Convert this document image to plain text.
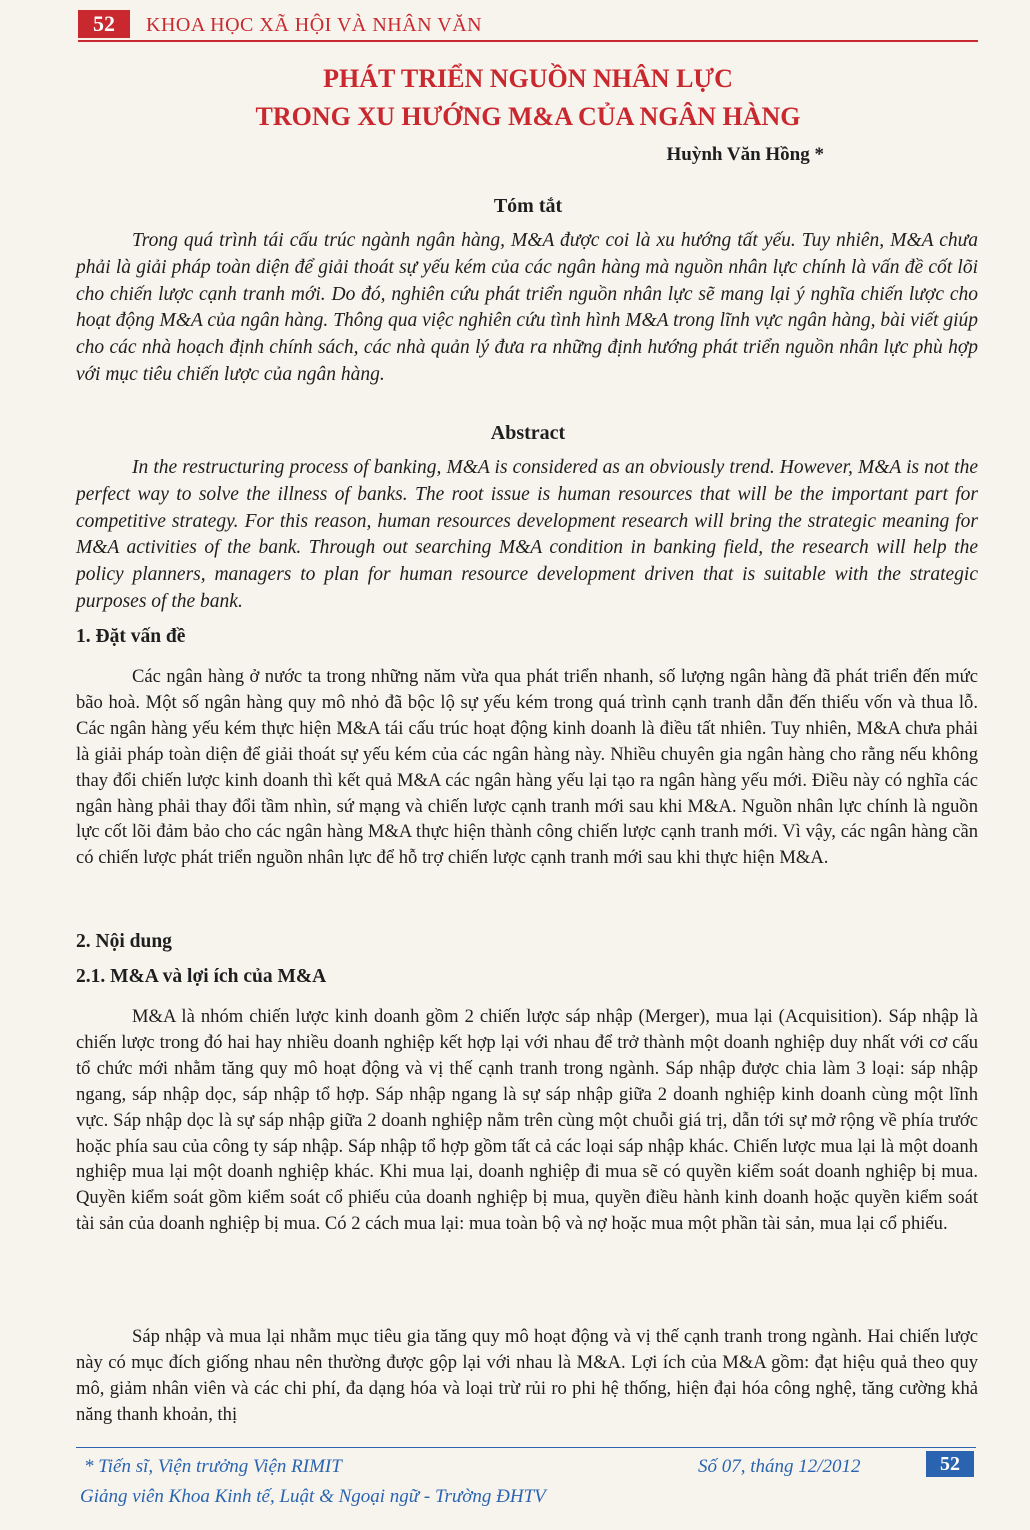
52	KHOA HỌC XÃ HỘI VÀ NHÂN VĂN
PHÁT TRIỂN NGUỒN NHÂN LỰC
TRONG XU HƯỚNG M&A CỦA NGÂN HÀNG
Huỳnh Văn Hồng *
Tóm tắt

Trong quá trình tái cấu trúc ngành ngân hàng, M&A được coi là xu hướng tất yếu. Tuy nhiên, M&A chưa phải là giải pháp toàn diện để giải thoát sự yếu kém của các ngân hàng mà nguồn nhân lực chính là vấn đề cốt lõi cho chiến lược cạnh tranh mới. Do đó, nghiên cứu phát triển nguồn nhân lực sẽ mang lại ý nghĩa chiến lược cho hoạt động M&A của ngân hàng. Thông qua việc nghiên cứu tình hình M&A trong lĩnh vực ngân hàng, bài viết giúp cho các nhà hoạch định chính sách, các nhà quản lý đưa ra những định hướng phát triển nguồn nhân lực phù hợp với mục tiêu chiến lược của ngân hàng.

Abstract

In the restructuring process of banking, M&A is considered as an obviously trend. However, M&A is not the perfect way to solve the illness of banks. The root issue is human resources that will be the important part for competitive strategy. For this reason, human resources development research will bring the strategic meaning for M&A activities of the bank. Through out searching M&A condition in banking field, the research will help the policy planners, managers to plan for human resource development driven that is suitable with the strategic purposes of the bank.

1. Đặt vấn đề

Các ngân hàng ở nước ta trong những năm vừa qua phát triển nhanh, số lượng ngân hàng đã phát triển đến mức bão hoà. Một số ngân hàng quy mô nhỏ đã bộc lộ sự yếu kém trong quá trình cạnh tranh dẫn đến thiếu vốn và thua lỗ. Các ngân hàng yếu kém thực hiện M&A tái cấu trúc hoạt động kinh doanh là điều tất nhiên. Tuy nhiên, M&A chưa phải là giải pháp toàn diện để giải thoát sự yếu kém của các ngân hàng này. Nhiều chuyên gia ngân hàng cho rằng nếu không thay đổi chiến lược kinh doanh thì kết quả M&A các ngân hàng yếu lại tạo ra ngân hàng yếu mới. Điều này có nghĩa các ngân hàng phải thay đổi tầm nhìn, sứ mạng và chiến lược cạnh tranh mới sau khi M&A. Nguồn nhân lực chính là nguồn lực cốt lõi đảm bảo cho các ngân hàng M&A thực hiện thành công chiến lược cạnh tranh mới. Vì vậy, các ngân hàng cần có chiến lược phát triển nguồn nhân lực để hỗ trợ chiến lược cạnh tranh mới sau khi thực hiện M&A.

2. Nội dung
2.1. M&A và lợi ích của M&A

M&A là nhóm chiến lược kinh doanh gồm 2 chiến lược sáp nhập (Merger), mua lại (Acquisition). Sáp nhập là chiến lược trong đó hai hay nhiều doanh nghiệp kết hợp lại với nhau để trở thành một doanh nghiệp duy nhất với cơ cấu tổ chức mới nhằm tăng quy mô hoạt động và vị thế cạnh tranh trong ngành. Sáp nhập được chia làm 3 loại: sáp nhập ngang, sáp nhập dọc, sáp nhập tổ hợp. Sáp nhập ngang là sự sáp nhập giữa 2 doanh nghiệp kinh doanh cùng một lĩnh vực. Sáp nhập dọc là sự sáp nhập giữa 2 doanh nghiệp nằm trên cùng một chuỗi giá trị, dẫn tới sự mở rộng về phía trước hoặc phía sau của công ty sáp nhập. Sáp nhập tổ hợp gồm tất cả các loại sáp nhập khác. Chiến lược mua lại là một doanh nghiệp mua lại một doanh nghiệp khác. Khi mua lại, doanh nghiệp đi mua sẽ có quyền kiểm soát doanh nghiệp bị mua. Quyền kiểm soát gồm kiểm soát cổ phiếu của doanh nghiệp bị mua, quyền điều hành kinh doanh hoặc quyền kiểm soát tài sản của doanh nghiệp bị mua. Có 2 cách mua lại: mua toàn bộ và nợ hoặc mua một phần tài sản, mua lại cổ phiếu.

Sáp nhập và mua lại nhằm mục tiêu gia tăng quy mô hoạt động và vị thế cạnh tranh trong ngành. Hai chiến lược này có mục đích giống nhau nên thường được gộp lại với nhau là M&A. Lợi ích của M&A gồm: đạt hiệu quả theo quy mô, giảm nhân viên và các chi phí, đa dạng hóa và loại trừ rủi ro phi hệ thống, hiện đại hóa công nghệ, tăng cường khả năng thanh khoản, thị

* Tiến sĩ, Viện trưởng Viện RIMIT
Giảng viên Khoa Kinh tế, Luật & Ngoại ngữ - Trường ĐHTV
Số 07, tháng 12/2012	52
